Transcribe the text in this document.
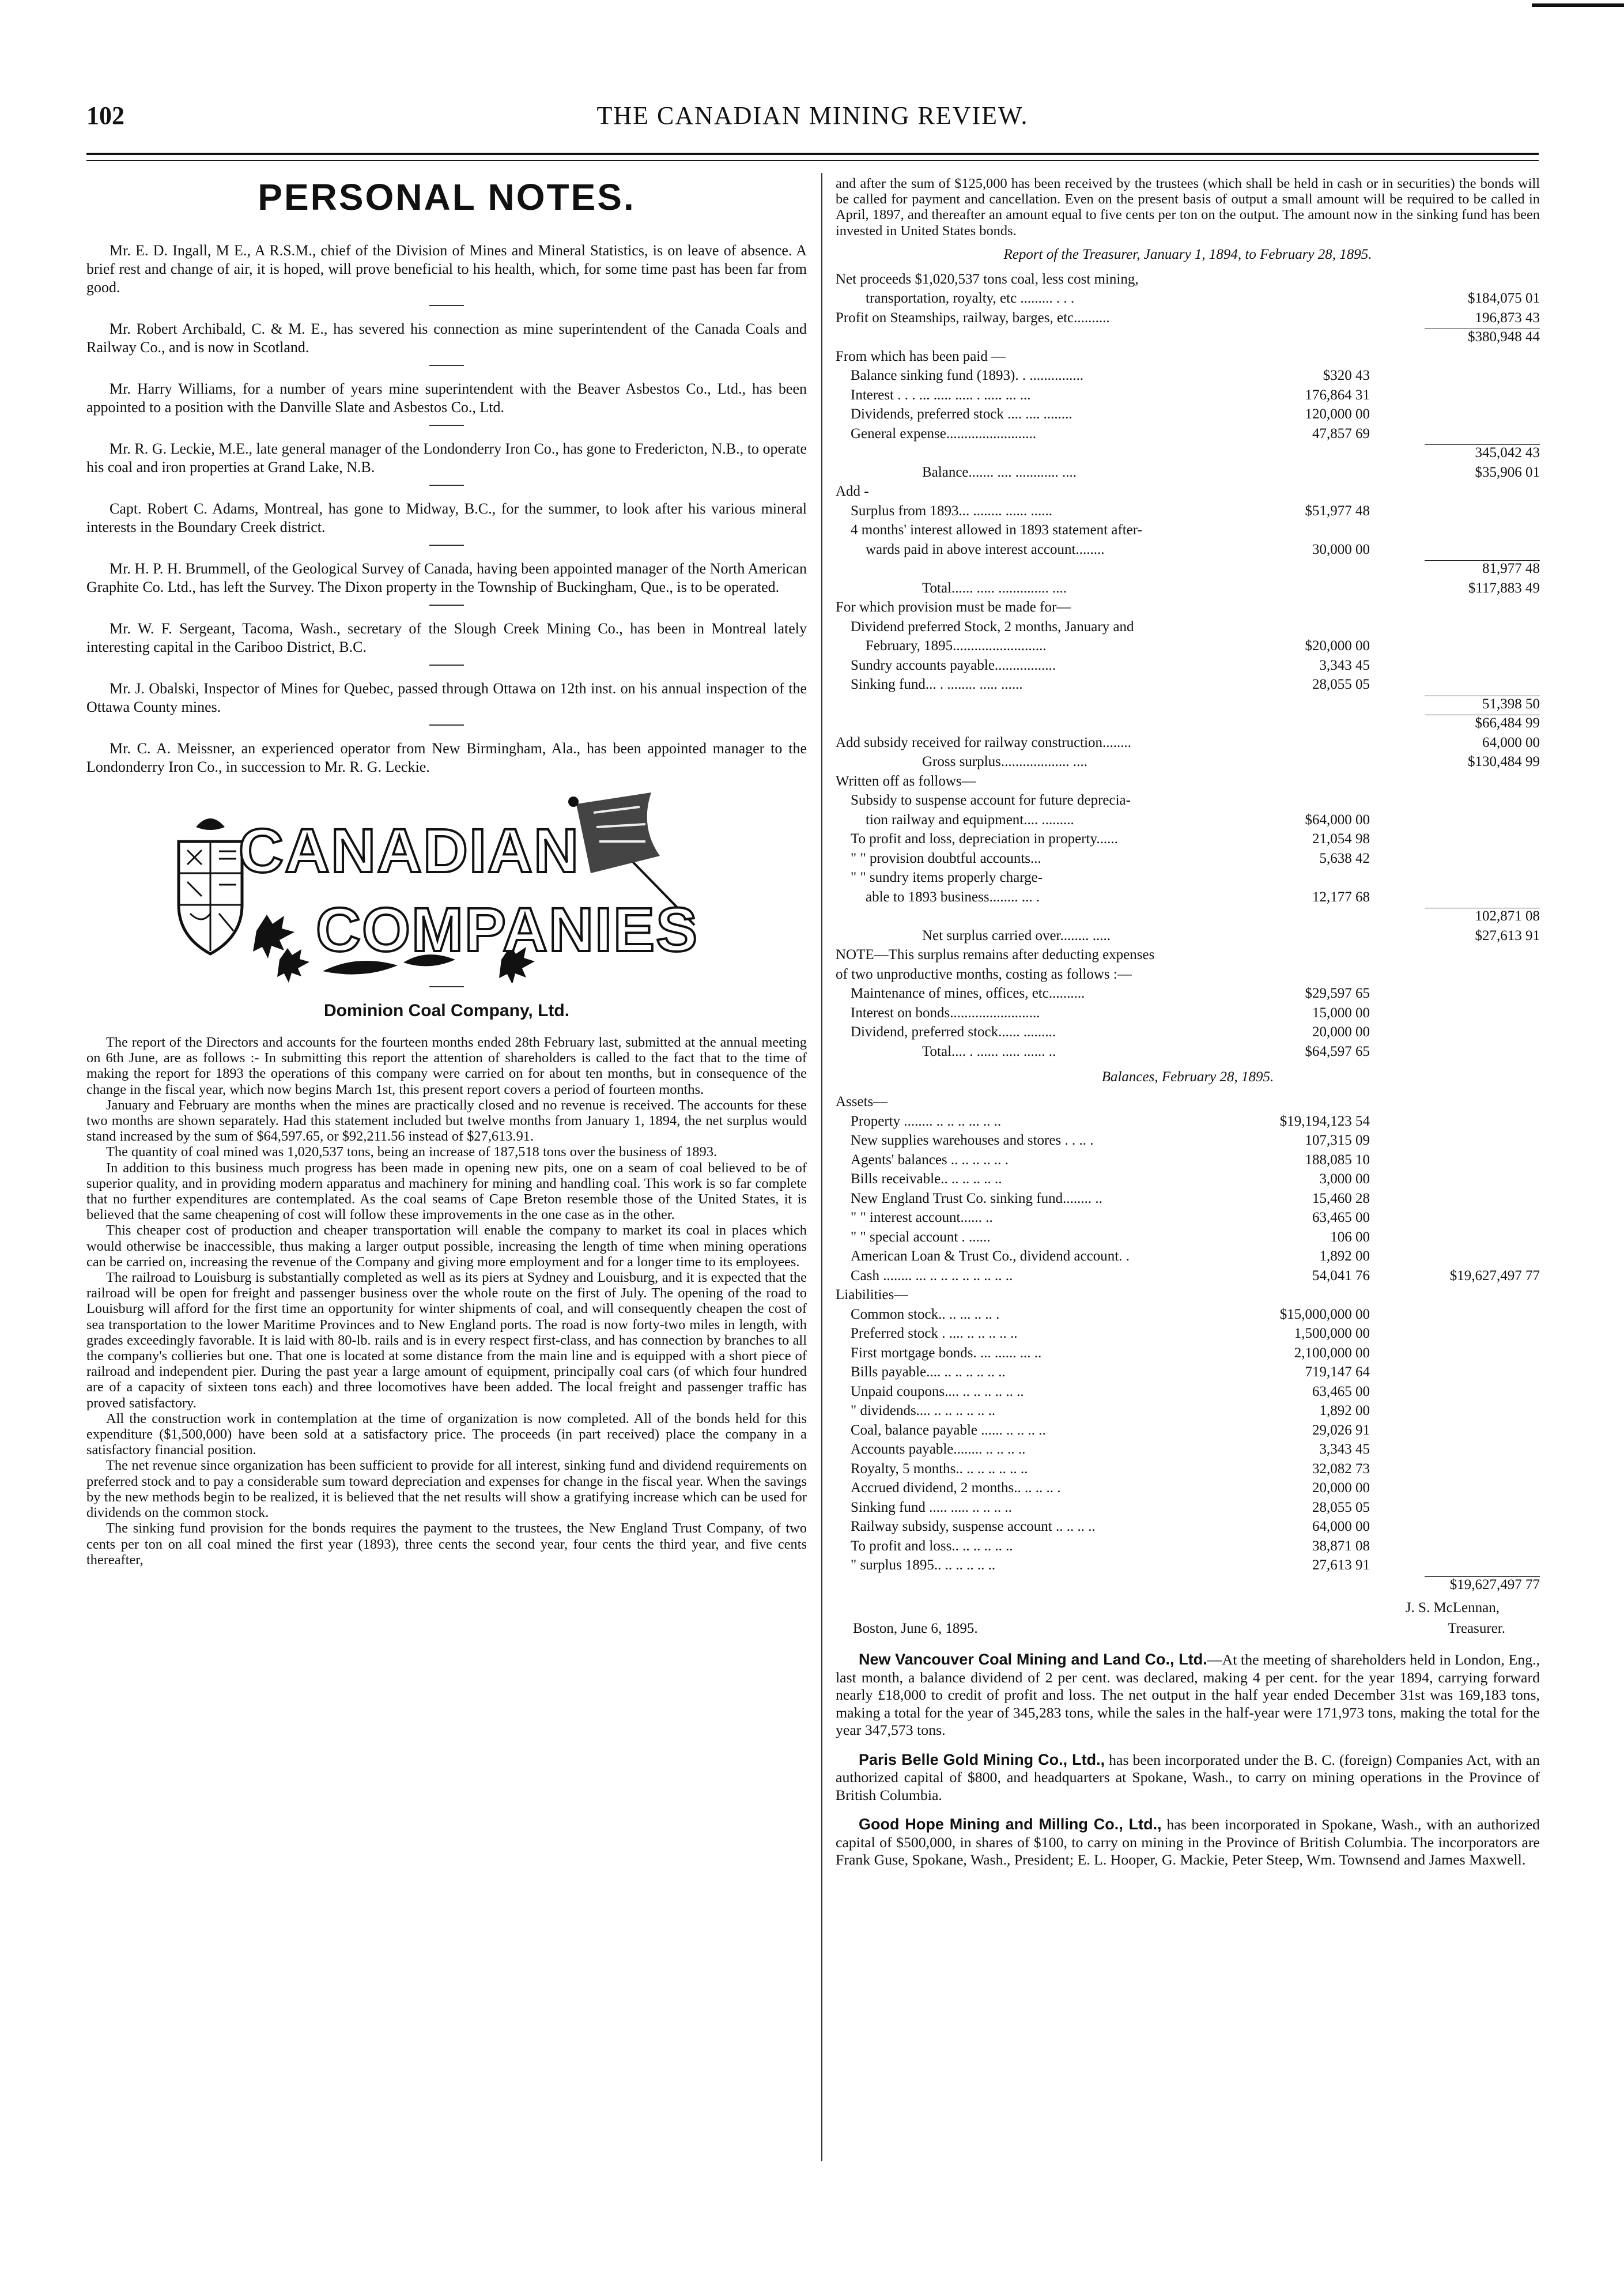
102	THE CANADIAN MINING REVIEW.
PERSONAL NOTES.

Mr. E. D. Ingall, M E., A R.S.M., chief of the Division of Mines and Mineral Statistics, is on leave of absence. A brief rest and change of air, it is hoped, will prove beneficial to his health, which, for some time past has been far from good.

Mr. Robert Archibald, C. & M. E., has severed his connection as mine superintendent of the Canada Coals and Railway Co., and is now in Scotland.

Mr. Harry Williams, for a number of years mine superintendent with the Beaver Asbestos Co., Ltd., has been appointed to a position with the Danville Slate and Asbestos Co., Ltd.

Mr. R. G. Leckie, M.E., late general manager of the Londonderry Iron Co., has gone to Fredericton, N.B., to operate his coal and iron properties at Grand Lake, N.B.

Capt. Robert C. Adams, Montreal, has gone to Midway, B.C., for the summer, to look after his various mineral interests in the Boundary Creek district.

Mr. H. P. H. Brummell, of the Geological Survey of Canada, having been appointed manager of the North American Graphite Co. Ltd., has left the Survey. The Dixon property in the Township of Buckingham, Que., is to be operated.

Mr. W. F. Sergeant, Tacoma, Wash., secretary of the Slough Creek Mining Co., has been in Montreal lately interesting capital in the Cariboo District, B.C.

Mr. J. Obalski, Inspector of Mines for Quebec, passed through Ottawa on 12th inst. on his annual inspection of the Ottawa County mines.

Mr. C. A. Meissner, an experienced operator from New Birmingham, Ala., has been appointed manager to the Londonderry Iron Co., in succession to Mr. R. G. Leckie.

CANADIAN
COMPANIES
Dominion Coal Company, Ltd.

The report of the Directors and accounts for the fourteen months ended 28th February last, submitted at the annual meeting on 6th June, are as follows :- In submitting this report the attention of shareholders is called to the fact that to the time of making the report for 1893 the operations of this company were carried on for about ten months, but in consequence of the change in the fiscal year, which now begins March 1st, this present report covers a period of fourteen months.

January and February are months when the mines are practically closed and no revenue is received. The accounts for these two months are shown separately. Had this statement included but twelve months from January 1, 1894, the net surplus would stand increased by the sum of $64,597.65, or $92,211.56 instead of $27,613.91.

The quantity of coal mined was 1,020,537 tons, being an increase of 187,518 tons over the business of 1893.

In addition to this business much progress has been made in opening new pits, one on a seam of coal believed to be of superior quality, and in providing modern apparatus and machinery for mining and handling coal. This work is so far complete that no further expenditures are contemplated. As the coal seams of Cape Breton resemble those of the United States, it is believed that the same cheapening of cost will follow these improvements in the one case as in the other.

This cheaper cost of production and cheaper transportation will enable the company to market its coal in places which would otherwise be inaccessible, thus making a larger output possible, increasing the length of time when mining operations can be carried on, increasing the revenue of the Company and giving more employment and for a longer time to its employees.

The railroad to Louisburg is substantially completed as well as its piers at Sydney and Louisburg, and it is expected that the railroad will be open for freight and passenger business over the whole route on the first of July. The opening of the road to Louisburg will afford for the first time an opportunity for winter shipments of coal, and will consequently cheapen the cost of sea transportation to the lower Maritime Provinces and to New England ports. The road is now forty-two miles in length, with grades exceedingly favorable. It is laid with 80-lb. rails and is in every respect first-class, and has connection by branches to all the company's collieries but one. That one is located at some distance from the main line and is equipped with a short piece of railroad and independent pier. During the past year a large amount of equipment, principally coal cars (of which four hundred are of a capacity of sixteen tons each) and three locomotives have been added. The local freight and passenger traffic has proved satisfactory.

All the construction work in contemplation at the time of organization is now completed. All of the bonds held for this expenditure ($1,500,000) have been sold at a satisfactory price. The proceeds (in part received) place the company in a satisfactory financial position.

The net revenue since organization has been sufficient to provide for all interest, sinking fund and dividend requirements on preferred stock and to pay a considerable sum toward depreciation and expenses for change in the fiscal year. When the savings by the new methods begin to be realized, it is believed that the net results will show a gratifying increase which can be used for dividends on the common stock.

The sinking fund provision for the bonds requires the payment to the trustees, the New England Trust Company, of two cents per ton on all coal mined the first year (1893), three cents the second year, four cents the third year, and five cents thereafter,

and after the sum of $125,000 has been received by the trustees (which shall be held in cash or in securities) the bonds will be called for payment and cancellation. Even on the present basis of output a small amount will be required to be called in April, 1897, and thereafter an amount equal to five cents per ton on the output. The amount now in the sinking fund has been invested in United States bonds.

Report of the Treasurer, January 1, 1894, to February 28, 1895.
Net proceeds $1,020,537 tons coal, less cost mining,
transportation, royalty, etc ......... . . .	$184,075 01
Profit on Steamships, railway, barges, etc..........	196,873 43
$380,948 44
From which has been paid —
Balance sinking fund (1893). . ...............	$320 43
Interest . . . ... ..... ..... . ..... ... ...	176,864 31
Dividends, preferred stock .... .... ........	120,000 00
General expense.........................	47,857 69
345,042 43
Balance....... .... ............ ....	$35,906 01
Add -
Surplus from 1893... ........ ...... ......	$51,977 48
4 months' interest allowed in 1893 statement after-
wards paid in above interest account........	30,000 00
81,977 48
Total...... ..... .............. ....	$117,883 49
For which provision must be made for—
Dividend preferred Stock, 2 months, January and
February, 1895..........................	$20,000 00
Sundry accounts payable.................	3,343 45
Sinking fund... . ........ ..... ......	28,055 05
51,398 50
$66,484 99
Add subsidy received for railway construction........	64,000 00
Gross surplus................... ....	$130,484 99
Written off as follows—
Subsidy to suspense account for future deprecia-
tion railway and equipment.... .........	$64,000 00
To profit and loss, depreciation in property......	21,054 98
" " provision doubtful accounts...	5,638 42
" " sundry items properly charge-
able to 1893 business........ ... .	12,177 68
102,871 08
Net surplus carried over........ .....	$27,613 91
NOTE—This surplus remains after deducting expenses
of two unproductive months, costing as follows :—
Maintenance of mines, offices, etc..........	$29,597 65
Interest on bonds.........................	15,000 00
Dividend, preferred stock...... .........	20,000 00
Total.... . ...... ..... ...... ..	$64,597 65
Balances, February 28, 1895.
Assets—
Property ........ .. .. .. ... .. ..	$19,194,123 54
New supplies warehouses and stores . . .. .	107,315 09
Agents' balances .. .. .. .. .. .	188,085 10
Bills receivable.. .. .. .. .. ..	3,000 00
New England Trust Co. sinking fund........ ..	15,460 28
" " interest account...... ..	63,465 00
" " special account . ......	106 00
American Loan & Trust Co., dividend account. .	1,892 00
Cash ........ ... .. .. .. .. .. .. .. ..	54,041 76	$19,627,497 77
Liabilities—
Common stock.. .. ... .. .. .	$15,000,000 00
Preferred stock . .... .. .. .. .. ..	1,500,000 00
First mortgage bonds. ... ...... ... ..	2,100,000 00
Bills payable.... .. .. .. .. .. ..	719,147 64
Unpaid coupons.... .. .. .. .. .. ..	63,465 00
" dividends.... .. .. .. .. .. ..	1,892 00
Coal, balance payable ...... .. .. .. ..	29,026 91
Accounts payable........ .. .. .. ..	3,343 45
Royalty, 5 months.. .. .. .. .. .. ..	32,082 73
Accrued dividend, 2 months.. .. .. .. .	20,000 00
Sinking fund ..... ..... .. .. .. ..	28,055 05
Railway subsidy, suspense account .. .. .. ..	64,000 00
To profit and loss.. .. .. .. .. ..	38,871 08
" surplus 1895.. .. .. .. .. ..	27,613 91
$19,627,497 77
J. S. McLennan,
Boston, June 6, 1895.	Treasurer.

New Vancouver Coal Mining and Land Co., Ltd.—At the meeting of shareholders held in London, Eng., last month, a balance dividend of 2 per cent. was declared, making 4 per cent. for the year 1894, carrying forward nearly £18,000 to credit of profit and loss. The net output in the half year ended December 31st was 169,183 tons, making a total for the year of 345,283 tons, while the sales in the half-year were 171,973 tons, making the total for the year 347,573 tons.

Paris Belle Gold Mining Co., Ltd., has been incorporated under the B. C. (foreign) Companies Act, with an authorized capital of $800, and headquarters at Spokane, Wash., to carry on mining operations in the Province of British Columbia.

Good Hope Mining and Milling Co., Ltd., has been incorporated in Spokane, Wash., with an authorized capital of $500,000, in shares of $100, to carry on mining in the Province of British Columbia. The incorporators are Frank Guse, Spokane, Wash., President; E. L. Hooper, G. Mackie, Peter Steep, Wm. Townsend and James Maxwell.
